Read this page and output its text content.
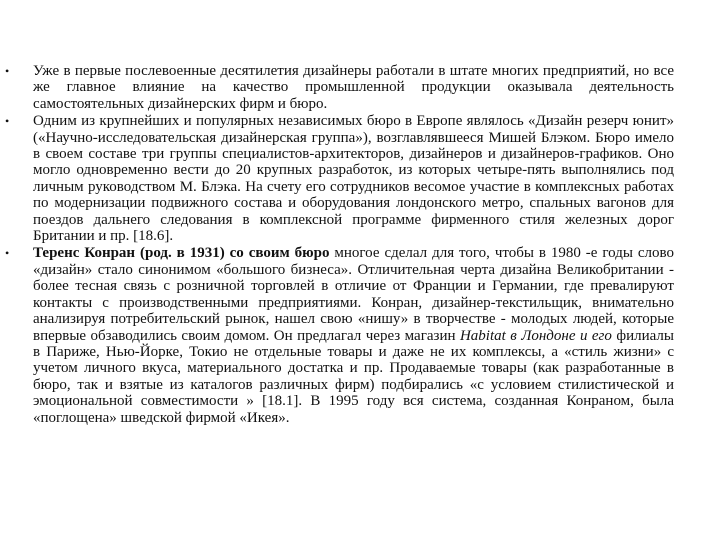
• Уже в первые послевоенные десятилетия дизайнеры работали в штате многих предприятий, но все же главное влияние на качество промышленной продукции оказывала деятельность самостоятельных дизайнерских фирм и бюро.
• Одним из крупнейших и популярных независимых бюро в Европе являлось «Дизайн резерч юнит» («Научно-исследовательская дизайнерская группа»), возглавлявшееся Мишей Блэком. Бюро имело в своем составе три группы специалистов-архитекторов, дизайнеров и дизайнеров-графиков. Оно могло одновременно вести до 20 крупных разработок, из которых четыре-пять выполнялись под личным руководством М. Блэка. На счету его сотрудников весомое участие в комплексных работах по модернизации подвижного состава и оборудования лондонского метро, спальных вагонов для поездов дальнего следования в комплексной программе фирменного стиля железных дорог Британии и пр. [18.6].
• Теренс Конран (род. в 1931) со своим бюро многое сделал для того, чтобы в 1980 -е годы слово «дизайн» стало синонимом «большого бизнеса». Отличительная черта дизайна Великобритании - более тесная связь с розничной торговлей в отличие от Франции и Германии, где превалируют контакты с производственными предприятиями. Конран, дизайнер-текстильщик, внимательно анализируя потребительский рынок, нашел свою «нишу» в творчестве - молодых людей, которые впервые обзаводились своим домом. Он предлагал через магазин Habitat в Лондоне и его филиалы в Париже, Нью-Йорке, Токио не отдельные товары и даже не их комплексы, а «стиль жизни» с учетом личного вкуса, материального достатка и пр. Продаваемые товары (как разработанные в бюро, так и взятые из каталогов различных фирм) подбирались «с условием стилистической и эмоциональной совместимости » [18.1]. В 1995 году вся система, созданная Конраном, была «поглощена» шведской фирмой «Икея».
